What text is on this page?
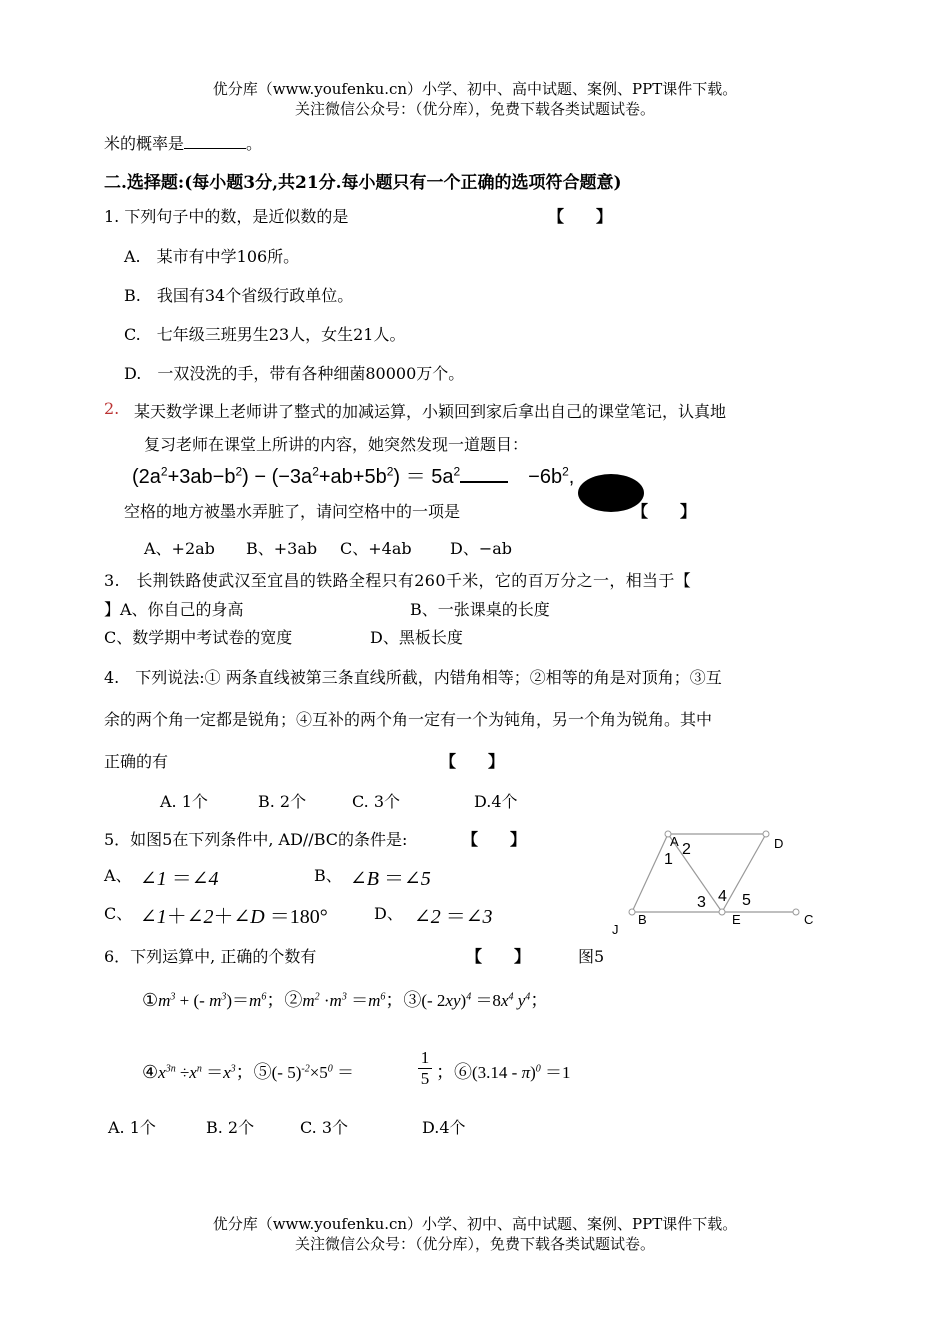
优分库（www.youfenku.cn）小学、初中、高中试题、案例、PPT课件下载。
关注微信公众号：（优分库），免费下载各类试题试卷。
米的概率是	。
二.选择题:(每小题3分,共21分.每小题只有一个正确的选项符合题意)
1. 下列句子中的数，是近似数的是	【　　】
A.　某市有中学106所。
B.　我国有34个省级行政单位。
C.　七年级三班男生23人，女生21人。
D.　一双没洗的手，带有各种细菌80000万个。
2. 某天数学课上老师讲了整式的加减运算，小颖回到家后拿出自己的课堂笔记，认真地
复习老师在课堂上所讲的内容，她突然发现一道题目：
$(2a^2+3ab-b^2) - (-3a^2+ab+5b^2) = 5a^2$　$-6b^2$,
空格的地方被墨水弄脏了，请问空格中的一项是	【　　】
A、+2ab B、+3ab C、+4ab D、−ab
3.　长荆铁路使武汉至宜昌的铁路全程只有260千米，它的百万分之一，相当于【
】A、你自己的身高	B、一张课桌的长度
C、数学期中考试卷的宽度	D、黑板长度
4.　下列说法:① 两条直线被第三条直线所截，内错角相等；②相等的角是对顶角；③互
余的两个角一定都是锐角；④互补的两个角一定有一个为钝角，另一个角为锐角。其中
正确的有	【　　】
A. 1个	B. 2个	C. 3个	D.4个
5．如图5在下列条件中, AD//BC的条件是:	【　　】
A、 ∠1 ＝∠4	B、 ∠B ＝∠5
C、 ∠1＋∠2＋∠D ＝180°	D、 ∠2 ＝∠3
A	D
B	E	C
J
1
2
3 4 5
6．下列运算中, 正确的个数有	【　　】	图5
$①m^3$ + (- $m^3)=m^6$；$②m^2 \cdot m^3 =m^6$；③(- $2xy)^4 =8x^4$ $y^4$；
$④x^{3n} \div x^n =x^3$；⑤(- $5)^{-2}\times 5^0$ ＝
1
5 ；⑥(3.14 - π)$^0$ ＝1
A. 1个	B. 2个	C. 3个	D.4个
优分库（www.youfenku.cn）小学、初中、高中试题、案例、PPT课件下载。
关注微信公众号：（优分库），免费下载各类试题试卷。
